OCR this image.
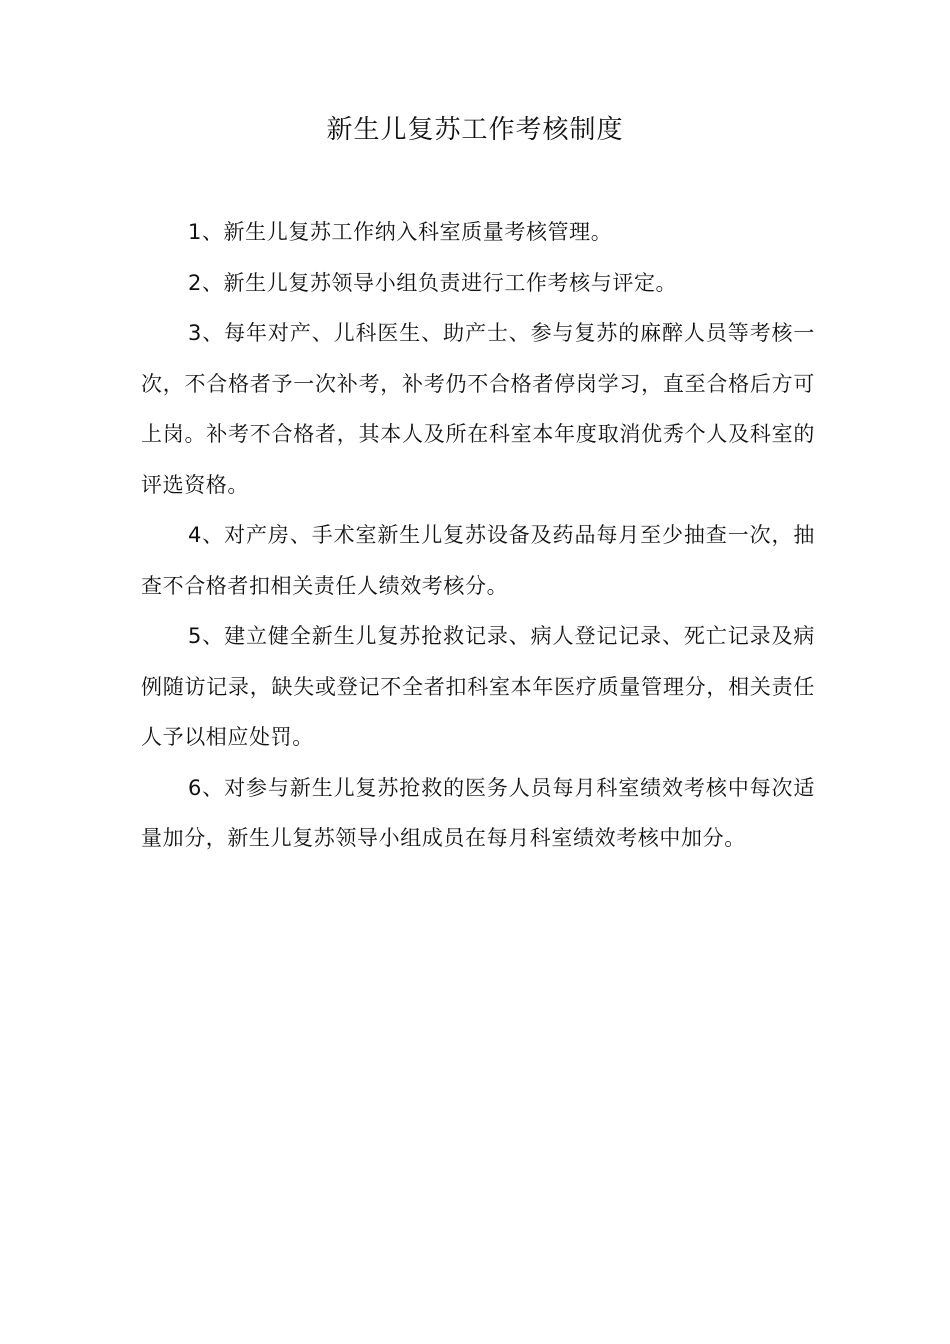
新生儿复苏工作考核制度

1、新生儿复苏工作纳入科室质量考核管理。

2、新生儿复苏领导小组负责进行工作考核与评定。

3、每年对产、儿科医生、助产士、参与复苏的麻醉人员等考核一次，不合格者予一次补考，补考仍不合格者停岗学习，直至合格后方可上岗。补考不合格者，其本人及所在科室本年度取消优秀个人及科室的评选资格。

4、对产房、手术室新生儿复苏设备及药品每月至少抽查一次，抽查不合格者扣相关责任人绩效考核分。

5、建立健全新生儿复苏抢救记录、病人登记记录、死亡记录及病例随访记录，缺失或登记不全者扣科室本年医疗质量管理分，相关责任人予以相应处罚。

6、对参与新生儿复苏抢救的医务人员每月科室绩效考核中每次适量加分，新生儿复苏领导小组成员在每月科室绩效考核中加分。
